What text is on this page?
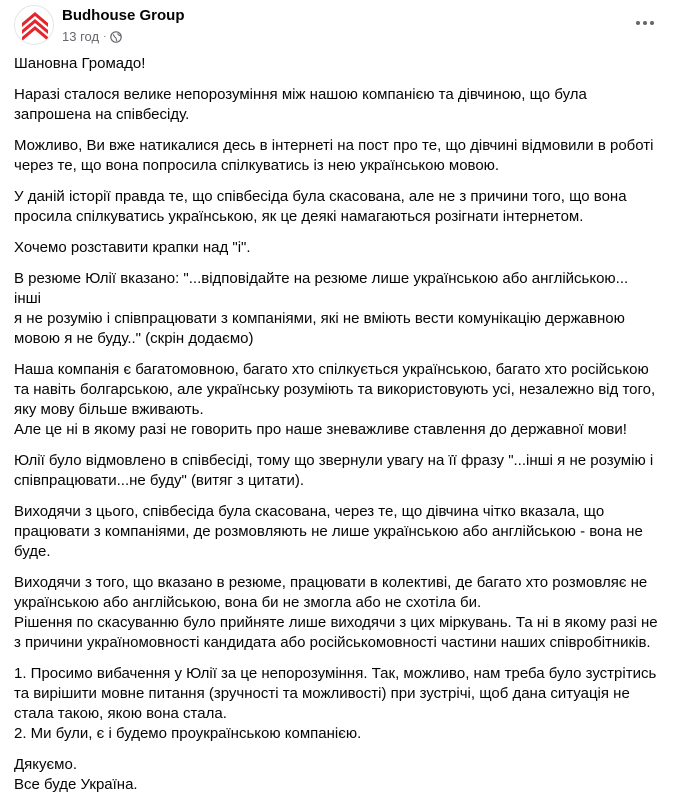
Budhouse Group
13 год ·

Шановна Громадо!

Наразі сталося велике непорозуміння між нашою компанією та дівчиною, що була
запрошена на співбесіду.

Можливо, Ви вже натикалися десь в інтернеті на пост про те, що дівчині відмовили в роботі
через те, що вона попросила спілкуватись із нею українською мовою.

У даній історії правда те, що співбесіда була скасована, але не з причини того, що вона
просила спілкуватись українською, як це деякі намагаються розігнати інтернетом.

Хочемо розставити крапки над "і".

В резюме Юлії вказано: "...відповідайте на резюме лише українською або англійською... інші
я не розумію і співпрацювати з компаніями, які не вміють вести комунікацію державною
мовою я не буду.." (скрін додаємо)

Наша компанія є багатомовною, багато хто спілкується українською, багато хто російською
та навіть болгарською, але українську розуміють та використовують усі, незалежно від того,
яку мову більше вживають.
Але це ні в якому разі не говорить про наше зневажливе ставлення до державної мови!

Юлії було відмовлено в співбесіді, тому що звернули увагу на її фразу "...інші я не розумію і
співпрацювати...не буду" (витяг з цитати).

Виходячи з цього, співбесіда була скасована, через те, що дівчина чітко вказала, що
працювати з компаніями, де розмовляють не лише українською або англійською - вона не
буде.

Виходячи з того, що вказано в резюме, працювати в колективі, де багато хто розмовляє не
українською або англійською, вона би не змогла або не схотіла би.
Рішення по скасуванню було прийняте лише виходячи з цих міркувань. Та ні в якому разі не
з причини україномовності кандидата або російськомовності частини наших співробітників.

1. Просимо вибачення у Юлії за це непорозуміння. Так, можливо, нам треба було зустрітись
та вирішити мовне питання (зручності та можливості) при зустрічі, щоб дана ситуація не
стала такою, якою вона стала.
2. Ми були, є і будемо проукраїнською компанією.

Дякуємо.
Все буде Україна.
